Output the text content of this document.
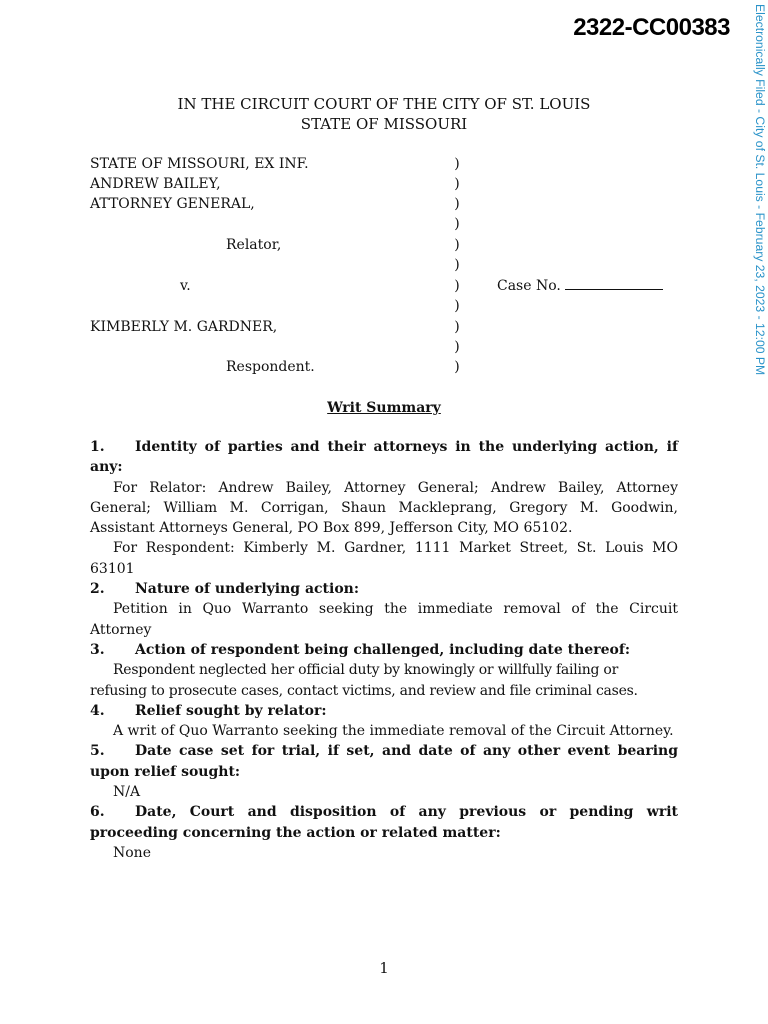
2322-CC00383	Electronically Filed - City of St. Louis - February 23, 2023 - 12:00 PM
IN THE CIRCUIT COURT OF THE CITY OF ST. LOUIS
STATE OF MISSOURI
STATE OF MISSOURI, EX INF.
ANDREW BAILEY,
ATTORNEY GENERAL,
Relator,
v.
KIMBERLY M. GARDNER,
Respondent.
)
)
)
)
)
)
)
)
)
)
)
Case No.
Writ Summary
1. Identity of parties and their attorneys in the underlying action, if any:
For Relator: Andrew Bailey, Attorney General; Andrew Bailey, Attorney General; William M. Corrigan, Shaun Mackleprang, Gregory M. Goodwin, Assistant Attorneys General, PO Box 899, Jefferson City, MO 65102.
For Respondent: Kimberly M. Gardner, 1111 Market Street, St. Louis MO 63101
2. Nature of underlying action:
Petition in Quo Warranto seeking the immediate removal of the Circuit Attorney
3. Action of respondent being challenged, including date thereof:
Respondent neglected her official duty by knowingly or willfully failing or refusing to prosecute cases, contact victims, and review and file criminal cases.
4. Relief sought by relator:
A writ of Quo Warranto seeking the immediate removal of the Circuit Attorney.
5. Date case set for trial, if set, and date of any other event bearing upon relief sought:
N/A
6. Date, Court and disposition of any previous or pending writ proceeding concerning the action or related matter:
None
1
